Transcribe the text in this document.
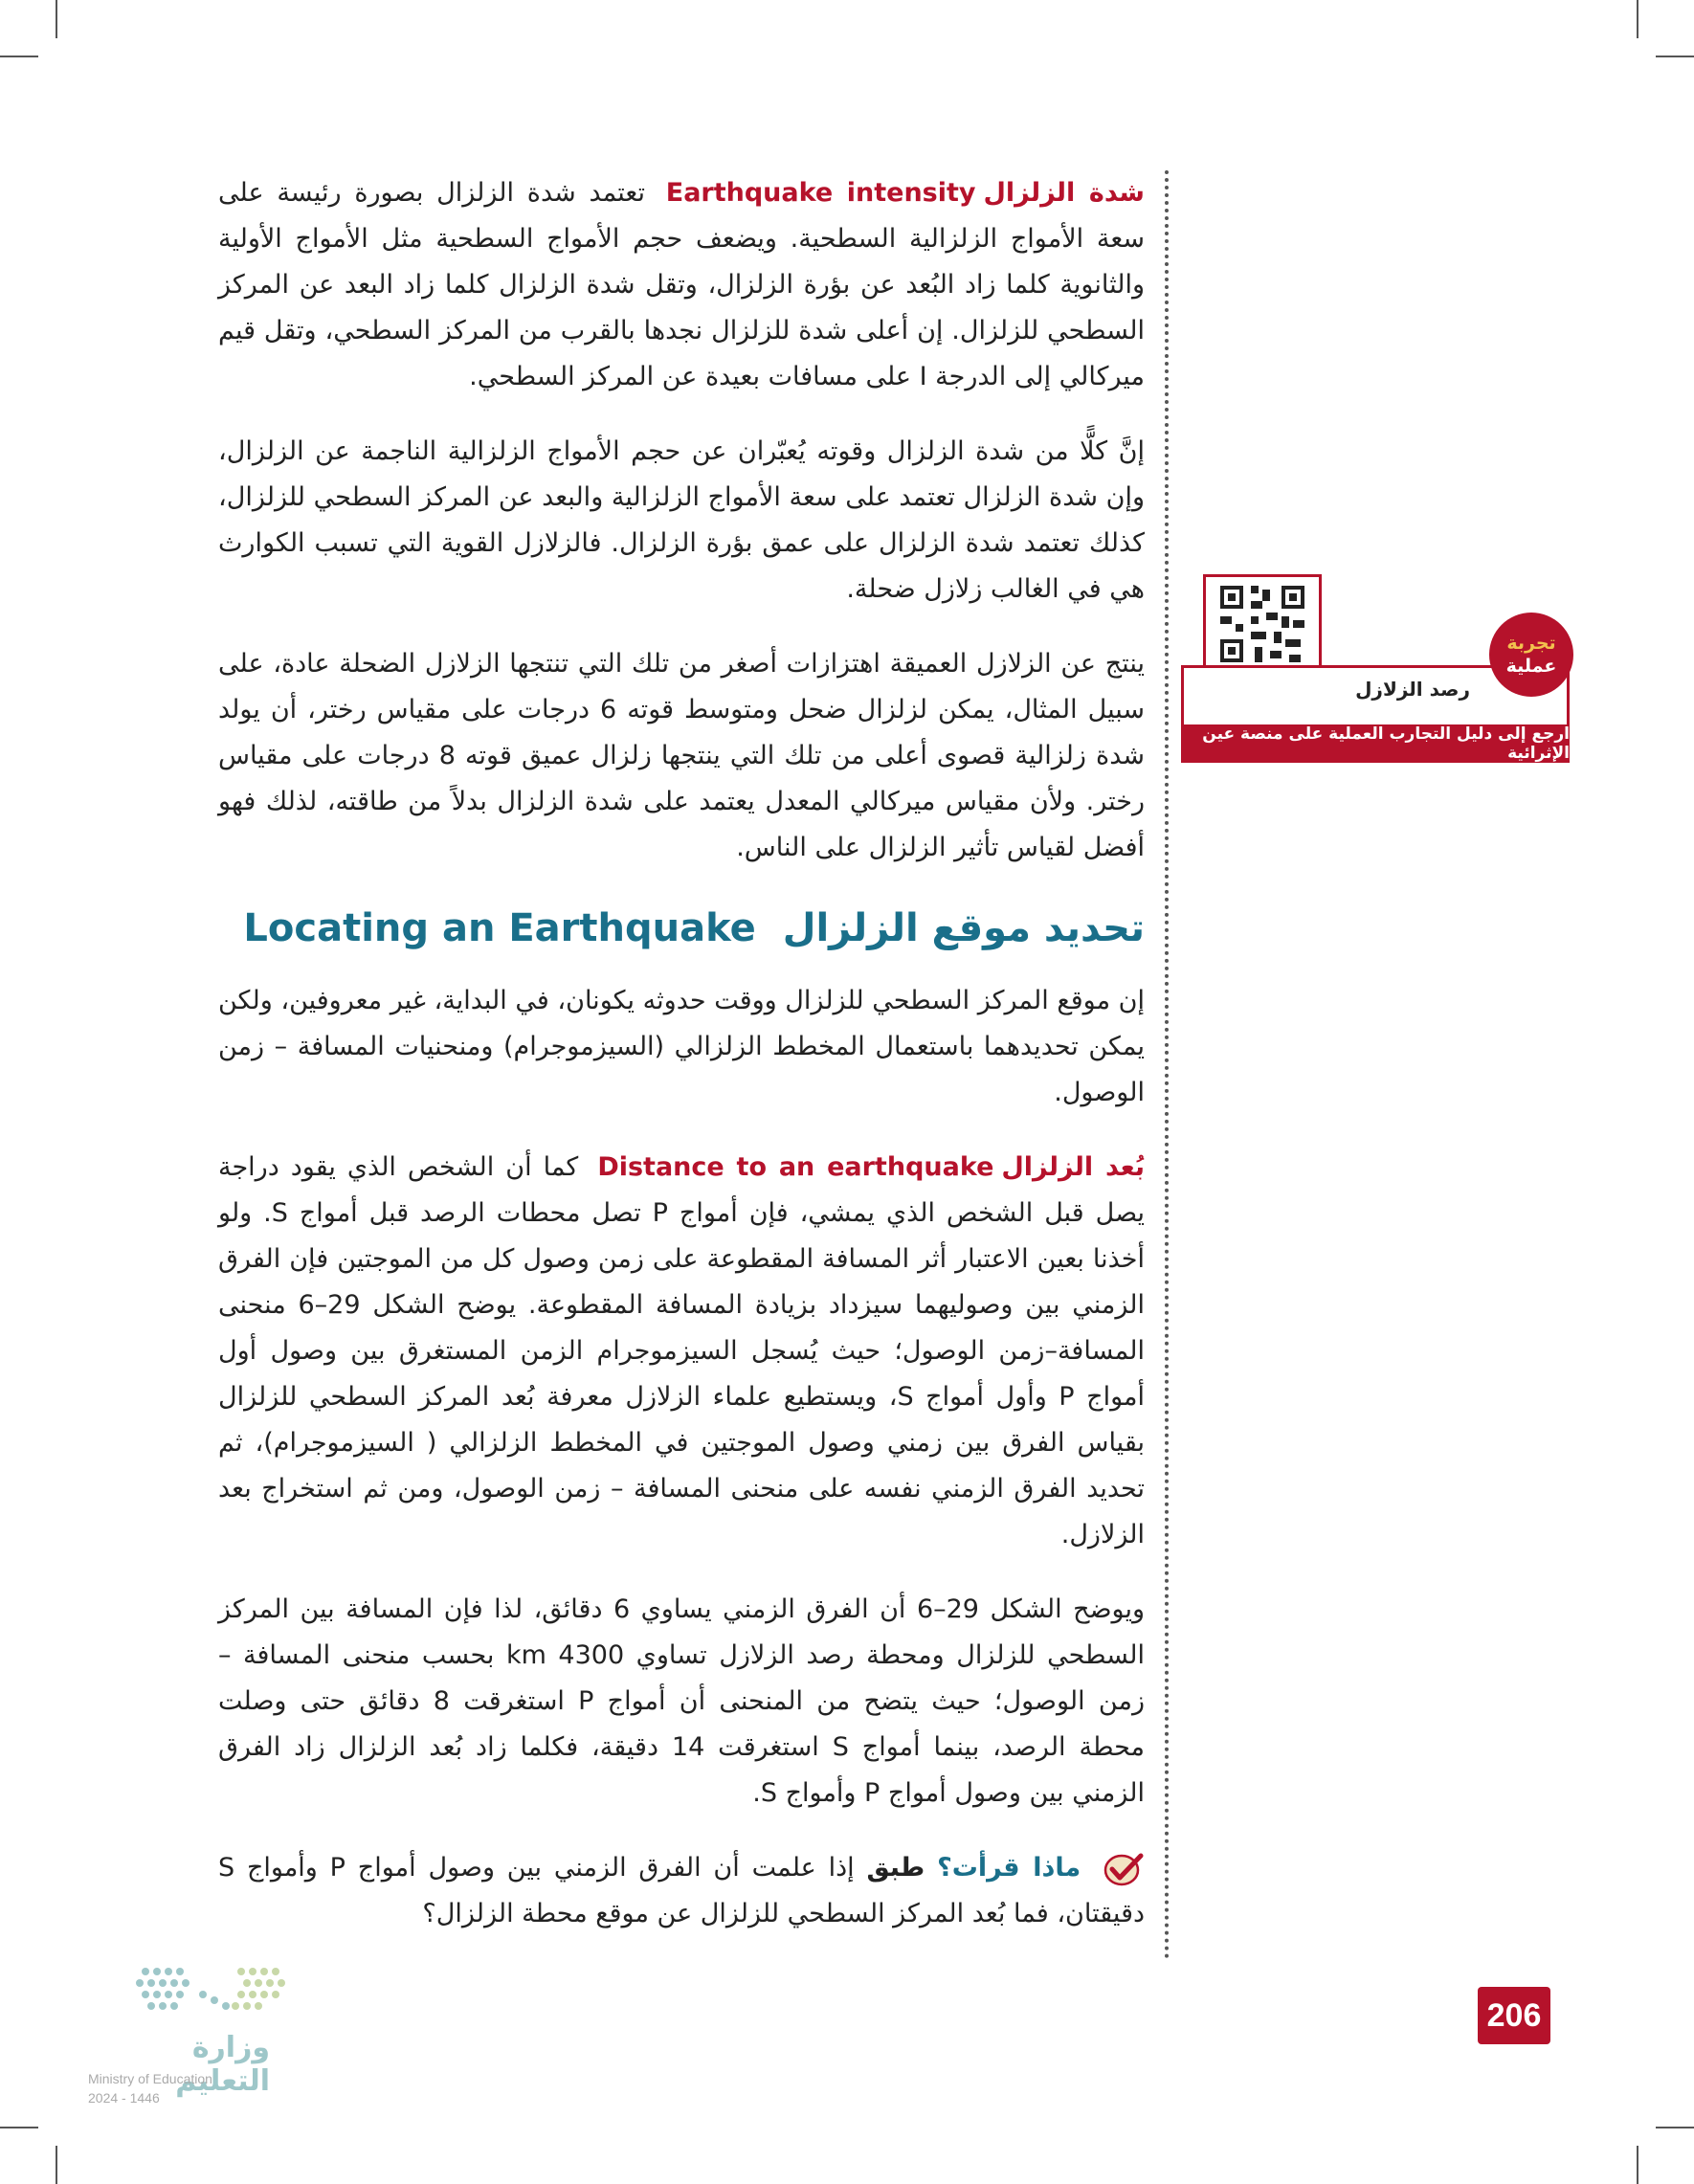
شدة الزلزالEarthquake intensity تعتمد شدة الزلزال بصورة رئيسة على سعة الأمواج الزلزالية السطحية. ويضعف حجم الأمواج السطحية مثل الأمواج الأولية والثانوية كلما زاد البُعد عن بؤرة الزلزال، وتقل شدة الزلزال كلما زاد البعد عن المركز السطحي للزلزال. إن أعلى شدة للزلزال نجدها بالقرب من المركز السطحي، وتقل قيم ميركالي إلى الدرجة I على مسافات بعيدة عن المركز السطحي.

إنَّ كلًّا من شدة الزلزال وقوته يُعبّران عن حجم الأمواج الزلزالية الناجمة عن الزلزال، وإن شدة الزلزال تعتمد على سعة الأمواج الزلزالية والبعد عن المركز السطحي للزلزال، كذلك تعتمد شدة الزلزال على عمق بؤرة الزلزال. فالزلازل القوية التي تسبب الكوارث هي في الغالب زلازل ضحلة.

ينتج عن الزلازل العميقة اهتزازات أصغر من تلك التي تنتجها الزلازل الضحلة عادة، على سبيل المثال، يمكن لزلزال ضحل ومتوسط قوته 6 درجات على مقياس رختر، أن يولد شدة زلزالية قصوى أعلى من تلك التي ينتجها زلزال عميق قوته 8 درجات على مقياس رختر. ولأن مقياس ميركالي المعدل يعتمد على شدة الزلزال بدلاً من طاقته، لذلك فهو أفضل لقياس تأثير الزلزال على الناس.

تحديد موقع الزلزالLocating an Earthquake

إن موقع المركز السطحي للزلزال ووقت حدوثه يكونان، في البداية، غير معروفين، ولكن يمكن تحديدهما باستعمال المخطط الزلزالي (السيزموجرام) ومنحنيات المسافة – زمن الوصول.

بُعد الزلزالDistance to an earthquake كما أن الشخص الذي يقود دراجة يصل قبل الشخص الذي يمشي، فإن أمواج P تصل محطات الرصد قبل أمواج S. ولو أخذنا بعين الاعتبار أثر المسافة المقطوعة على زمن وصول كل من الموجتين فإن الفرق الزمني بين وصوليهما سيزداد بزيادة المسافة المقطوعة. يوضح الشكل 29–6 منحنى المسافة–زمن الوصول؛ حيث يُسجل السيزموجرام الزمن المستغرق بين وصول أول أمواج P وأول أمواج S، ويستطيع علماء الزلازل معرفة بُعد المركز السطحي للزلزال بقياس الفرق بين زمني وصول الموجتين في المخطط الزلزالي ( السيزموجرام)، ثم تحديد الفرق الزمني نفسه على منحنى المسافة – زمن الوصول، ومن ثم استخراج بعد الزلازل.

ويوضح الشكل 29–6 أن الفرق الزمني يساوي 6 دقائق، لذا فإن المسافة بين المركز السطحي للزلزال ومحطة رصد الزلازل تساوي 4300 km بحسب منحنى المسافة – زمن الوصول؛ حيث يتضح من المنحنى أن أمواج P استغرقت 8 دقائق حتى وصلت محطة الرصد، بينما أمواج S استغرقت 14 دقيقة، فكلما زاد بُعد الزلزال زاد الفرق الزمني بين وصول أمواج P وأمواج S.

ماذا قرأت؟ طبق إذا علمت أن الفرق الزمني بين وصول أمواج P وأمواج S دقيقتان، فما بُعد المركز السطحي للزلزال عن موقع محطة الزلزال؟
رصد الزلازل
تجربة
عملية
ارجع إلى دليل التجارب العملية على منصة عين الإثرائية
206
وزارة التعليم
Ministry of Education
2024 - 1446
